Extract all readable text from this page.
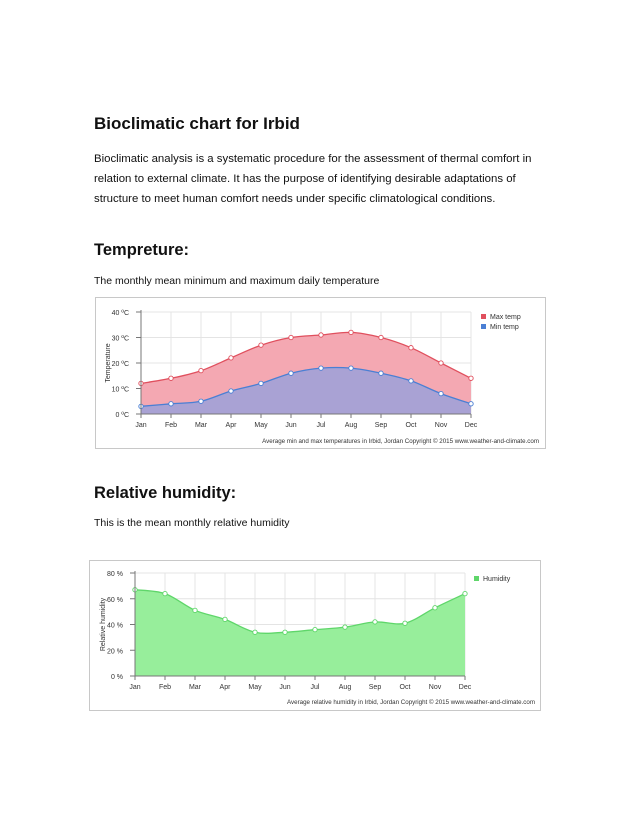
Bioclimatic chart for Irbid

Bioclimatic analysis is a systematic procedure for the assessment of thermal comfort in relation to external climate. It has the purpose of identifying desirable adaptations of structure to meet human comfort needs under specific climatological conditions.

Tempreture:

The monthly mean minimum and maximum daily temperature

0 ºC
10 ºC
20 ºC
30 ºC
40 ºC
Jan	Feb	Mar	Apr	May	Jun	Jul	Aug	Sep	Oct	Nov	Dec
Temperature
Max temp
Min temp
Average min and max temperatures in Irbid, Jordan Copyright © 2015 www.weather-and-climate.com
Relative humidity:

This is the mean monthly relative humidity

0 %
20 %
40 %
60 %
80 %
Jan	Feb	Mar	Apr	May	Jun	Jul	Aug	Sep	Oct	Nov	Dec
Relative humidity
Humidity
Average relative humidity in Irbid, Jordan Copyright © 2015 www.weather-and-climate.com
